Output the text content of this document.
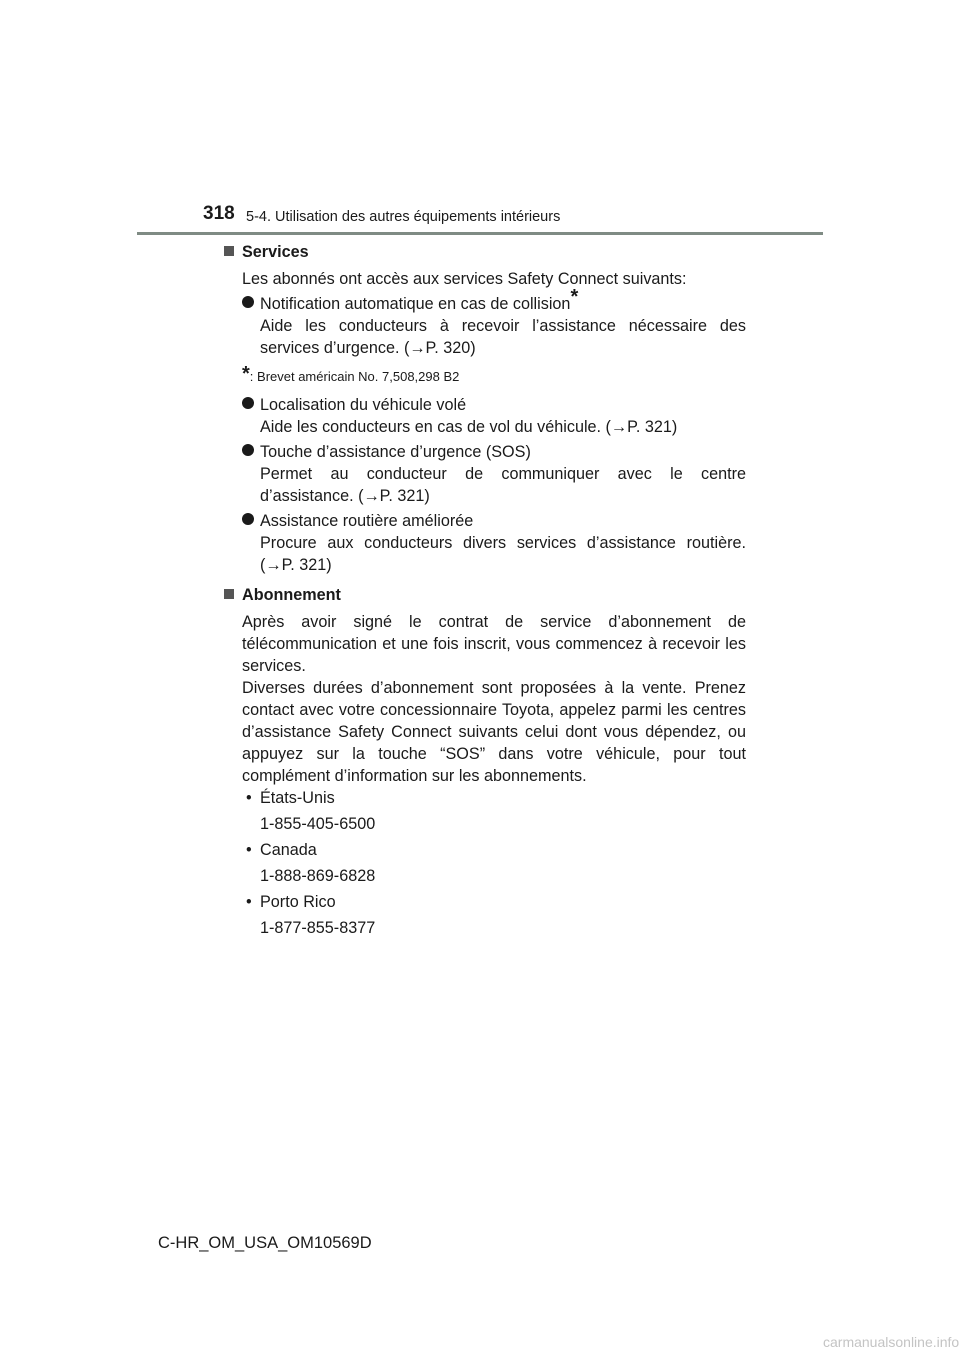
318 5-4. Utilisation des autres équipements intérieurs
Services
Les abonnés ont accès aux services Safety Connect suivants:
Notification automatique en cas de collision*
Aide les conducteurs à recevoir l’assistance nécessaire des services d’urgence. (→P. 320)
*: Brevet américain No. 7,508,298 B2
Localisation du véhicule volé
Aide les conducteurs en cas de vol du véhicule. (→P. 321)
Touche d’assistance d’urgence (SOS)
Permet au conducteur de communiquer avec le centre d’assistance. (→P. 321)
Assistance routière améliorée
Procure aux conducteurs divers services d’assistance routière. (→P. 321)
Abonnement
Après avoir signé le contrat de service d’abonnement de télécommunication et une fois inscrit, vous commencez à recevoir les services.
Diverses durées d’abonnement sont proposées à la vente. Prenez contact avec votre concessionnaire Toyota, appelez parmi les centres d’assistance Safety Connect suivants celui dont vous dépendez, ou appuyez sur la touche “SOS” dans votre véhicule, pour tout complément d’information sur les abonnements.
• États-Unis
1-855-405-6500
• Canada
1-888-869-6828
• Porto Rico
1-877-855-8377
C-HR_OM_USA_OM10569D
carmanualsonline.info
